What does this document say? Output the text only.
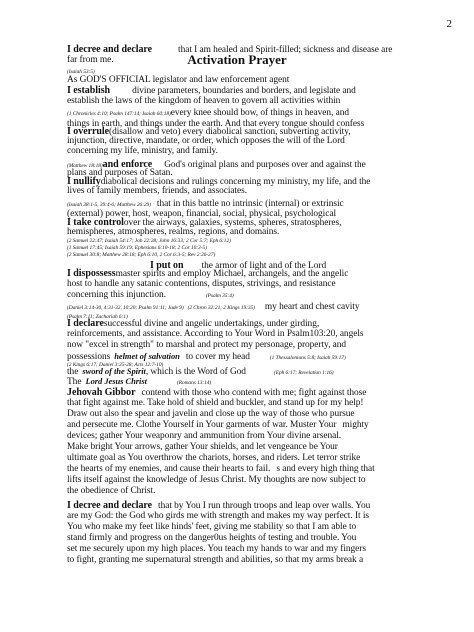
2
I decree and declare	that I am healed and Spirit-filled; sickness and disease are
Activation Prayer
far from me.
(Isaiah 53:5)
As GOD'S OFFICIAL legislator and law enforcement agent
I establish divine parameters, boundaries and borders, and legislate and
establish the laws of the kingdom of heaven to govern all activities within
(1 Chronicles 4:10; Psalm 147:14; Isaiah 60:18)every knee should bow, of things in heaven, and
things in earth, and things under the earth. And that every tongue should confess
I overrule(disallow and veto) every diabolical sanction, subverting activity,
injunction, directive, mandate, or order, which opposes the will of the Lord
concerning my life, ministry, and family.
(Matthew 18:18)and enforce God's original plans and purposes over and against the
plans and purposes of Satan.
I nullifydiabolical decisions and rulings concerning my ministry, my life, and the
lives of family members, friends, and associates.
(Isaiah 38:1-5, 39:4-6; Matthew 26:29) that in this battle no intrinsic (internal) or extrinsic
(external) power, host, weapon, financial, social, physical, psychological
I take controlover the airways, galaxies, systems, spheres, stratospheres,
hemispheres, atmospheres, realms, regions, and domains.
(2 Samuel 22:47; Isaiah 54:17; Job 22:28; John 16:33; 2 Cor 5:7; Eph 6:12)
(1 Samuel 17:45; Isaiah 59:19; Ephesians 6:10-18; 2 Cor 10:3-5)
(2 Samuel 30:8; Matthew 28:18; Eph 6:10, 2 Cor 6:3-5; Rev 2:26-27)
I put on the armor of light and of the Lord
I dispossessmaster spirits and employ Michael, archangels, and the angelic
host to handle any satanic contentions, disputes, strivings, and resistance
concerning this injunction.	(Psalm 35:4)
(Daniel 3:14-30, 4:31-32, 10:20; Psalm 91:11; Jude 9) (2 Chron 32:21; 2 Kings 19:35) my heart and chest cavity
(Psalm 7:11; Zachariah 6:1)
I declaresuccessful divine and angelic undertakings, under girding,
reinforcements, and assistance. According to Your Word in Psalm103:20, angels
now "excel in strength" to marshal and protect my personage, property, and
possessions helmet of salvation to cover my head	(1 Thessalonians 5:8; Isaiah 59:17)
(2 Kings 6:17; Daniel 3:25-28; Acts 12:7-10)
the sword of the Spirit, which is the Word of God	(Eph 6:17; Revelation 1:16)
The Lord Jesus Christ	(Romans 13:14)
Jehovah Gibbor contend with those who contend with me; fight against those
that fight against me. Take hold of shield and buckler, and stand up for my help!
Draw out also the spear and javelin and close up the way of those who pursue
and persecute me. Clothe Yourself in Your garments of war. Muster Your mighty
devices; gather Your weaponry and ammunition from Your divine arsenal.
Make bright Your arrows, gather Your shields, and let vengeance be Your
ultimate goal as You overthrow the chariots, horses, and riders. Let terror strike
the hearts of my enemies, and cause their hearts to fail. s and every high thing that
lifts itself against the knowledge of Jesus Christ. My thoughts are now subject to
the obedience of Christ.
I decree and declare that by You I run through troops and leap over walls. You
are my God: the God who girds me with strength and makes my way perfect. It is
You who make my feet like hinds' feet, giving me stability so that I am able to
stand firmly and progress on the danger0us heights of testing and trouble. You
set me securely upon my high places. You teach my hands to war and my fingers
to fight, granting me supernatural strength and abilities, so that my arms break a
